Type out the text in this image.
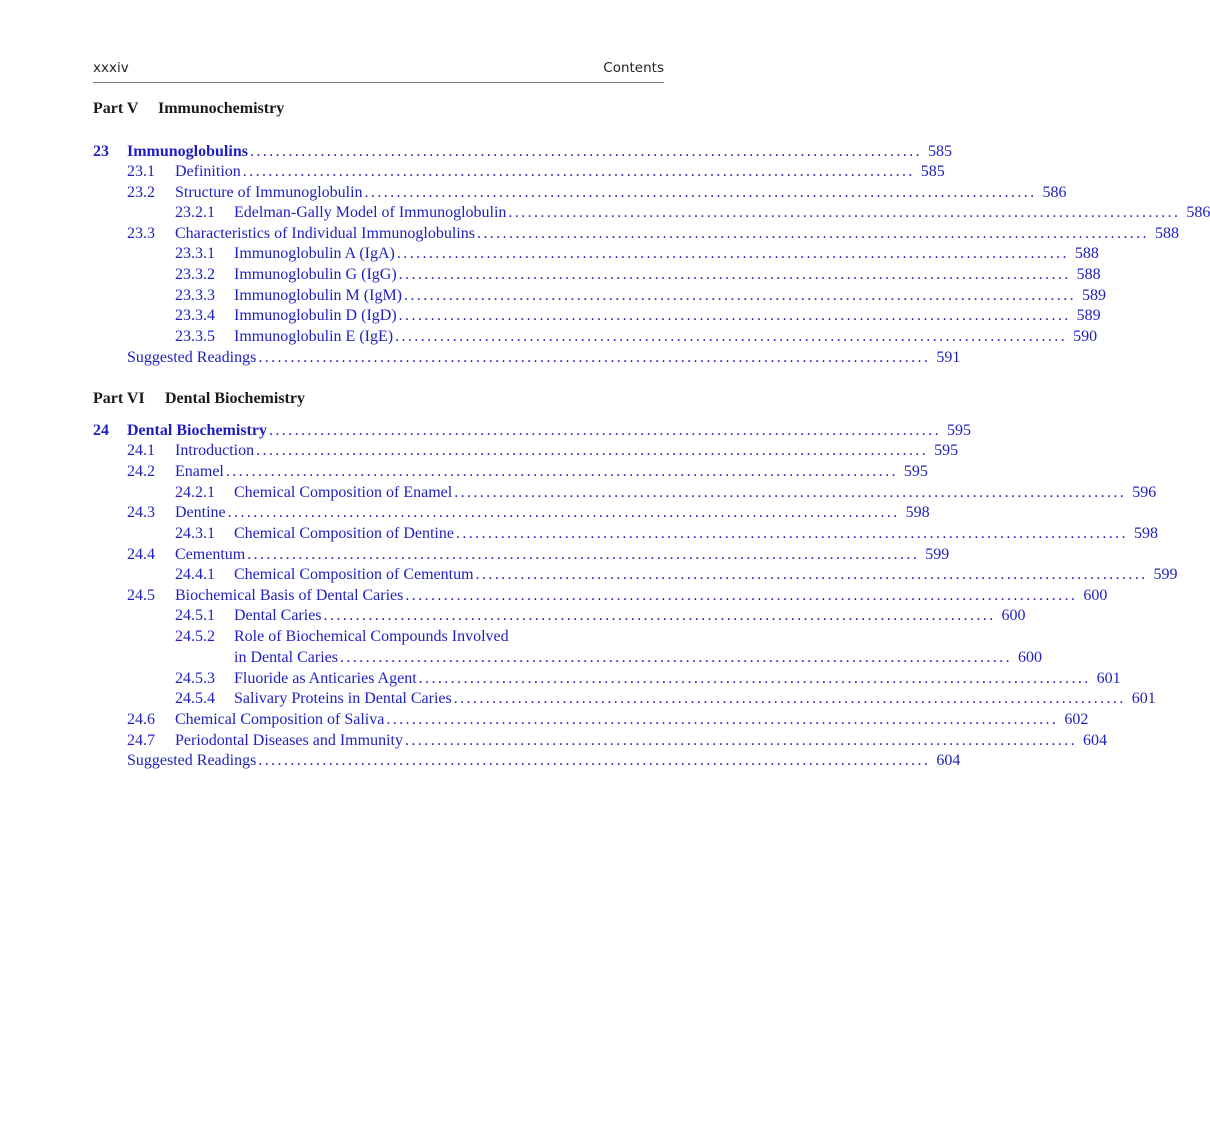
xxxiv	Contents
Part V Immunochemistry
23 Immunoglobulins ......................................................................................................... 585
23.1 Definition ......................................................................................................... 585
23.2 Structure of Immunoglobulin ......................................................................................................... 586
23.2.1 Edelman-Gally Model of Immunoglobulin ......................................................................................................... 586
23.3 Characteristics of Individual Immunoglobulins ......................................................................................................... 588
23.3.1 Immunoglobulin A (IgA) ......................................................................................................... 588
23.3.2 Immunoglobulin G (IgG) ......................................................................................................... 588
23.3.3 Immunoglobulin M (IgM) ......................................................................................................... 589
23.3.4 Immunoglobulin D (IgD) ......................................................................................................... 589
23.3.5 Immunoglobulin E (IgE) ......................................................................................................... 590
Suggested Readings ......................................................................................................... 591
Part VI Dental Biochemistry
24 Dental Biochemistry ......................................................................................................... 595
24.1 Introduction ......................................................................................................... 595
24.2 Enamel ......................................................................................................... 595
24.2.1 Chemical Composition of Enamel ......................................................................................................... 596
24.3 Dentine ......................................................................................................... 598
24.3.1 Chemical Composition of Dentine ......................................................................................................... 598
24.4 Cementum ......................................................................................................... 599
24.4.1 Chemical Composition of Cementum ......................................................................................................... 599
24.5 Biochemical Basis of Dental Caries ......................................................................................................... 600
24.5.1 Dental Caries ......................................................................................................... 600
24.5.2 Role of Biochemical Compounds Involved
in Dental Caries ......................................................................................................... 600
24.5.3 Fluoride as Anticaries Agent ......................................................................................................... 601
24.5.4 Salivary Proteins in Dental Caries ......................................................................................................... 601
24.6 Chemical Composition of Saliva ......................................................................................................... 602
24.7 Periodontal Diseases and Immunity ......................................................................................................... 604
Suggested Readings ......................................................................................................... 604
